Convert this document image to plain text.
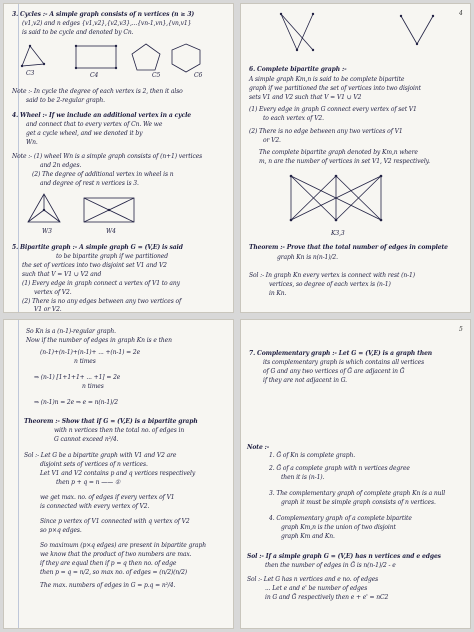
3. Cycles :- A simple graph consists of n vertices (n ≥ 3)
(v1,v2) and n edges {v1,v2},{v2,v3},...{vn-1,vn},{vn,v1}
is said to be cycle and denoted by Cn.
C3	C4	C5	C6
Note :- In cycle the degree of each vertex is 2, then it also
said to be 2-regular graph.
4. Wheel :- If we include an additional vertex in a cycle
and connect that to every vertex of Cn. We we
get a cycle wheel, and we denoted it by
Wn.
Note :- (1) wheel Wn is a simple graph consists of (n+1) vertices
and 2n edges.
(2) The degree of additional vertex in wheel is n
and degree of rest n vertices is 3.
W3	W4
5. Bipartite graph :- A simple graph G = (V,E) is said
to be bipartite graph if we partitioned
the set of vertices into two disjoint set V1 and V2
such that V = V1 ∪ V2 and
(1) Every edge in graph connect a vertex of V1 to any
vertex of V2.
(2) There is no any edges between any two vertices of
V1 or V2.
4
6. Complete bipartite graph :-
A simple graph Km,n is said to be complete bipartite
graph if we partitioned the set of vertices into two disjoint
sets V1 and V2 such that V = V1 ∪ V2
(1) Every edge in graph G connect every vertex of set V1
to each vertex of V2.
(2) There is no edge between any two vertices of V1
or V2.
The complete bipartite graph denoted by Km,n where
m, n are the number of vertices in set V1, V2 respectively.
K3,3
Theorem :- Prove that the total number of edges in complete
graph Kn is n(n-1)/2.
Sol :- In graph Kn every vertex is connect with rest (n-1)
vertices, so degree of each vertex is (n-1)
in Kn.
So Kn is a (n-1)-regular graph.
Now if the number of edges in graph Kn is e then
(n-1)+(n-1)+(n-1)+ ... +(n-1) = 2e
n times
⇒ (n-1) [1+1+1+ ... +1] = 2e
n times
⇒ (n-1)n = 2e ⇒ e = n(n-1)/2
Theorem :- Show that if G = (V,E) is a bipartite graph
with n vertices then the total no. of edges in
G cannot exceed n²/4.
Sol :- Let G be a bipartite graph with V1 and V2 are
disjoint sets of vertices of n vertices.
Let V1 and V2 contains p and q vertices respectively
then p + q = n —— ①
we get max. no. of edges if every vertex of V1
is connected with every vertex of V2.
Since p vertex of V1 connected with q vertex of V2
so p×q edges.
So maximum (p×q edges) are present in bipartite graph
we know that the product of two numbers are max.
if they are equal then if p = q then no. of edge
then p = q = n/2, so max no. of edges = (n/2)(n/2)
The max. numbers of edges in G = p.q = n²/4.
5
7. Complementary graph :- Let G = (V,E) is a graph then
its complementary graph is which contains all vertices
of G and any two vertices of Ḡ are adjacent in Ḡ
if they are not adjacent in G.
Note :-
1. Ḡ of Kn is complete graph.
2. Ḡ of a complete graph with n vertices degree
then it is (n-1).
3. The complementary graph of complete graph Kn is a null
graph it must be simple graph consists of n vertices.
4. Complementary graph of a complete bipartite
graph Km,n is the union of two disjoint
graph Km and Kn.
Sol :- If a simple graph G = (V,E) has n vertices and e edges
then the number of edges in Ḡ is n(n-1)/2 - e
Sol :- Let G has n vertices and e no. of edges
... Let e and e' be number of edges
in G and Ḡ respectively then e + e' = nC2
